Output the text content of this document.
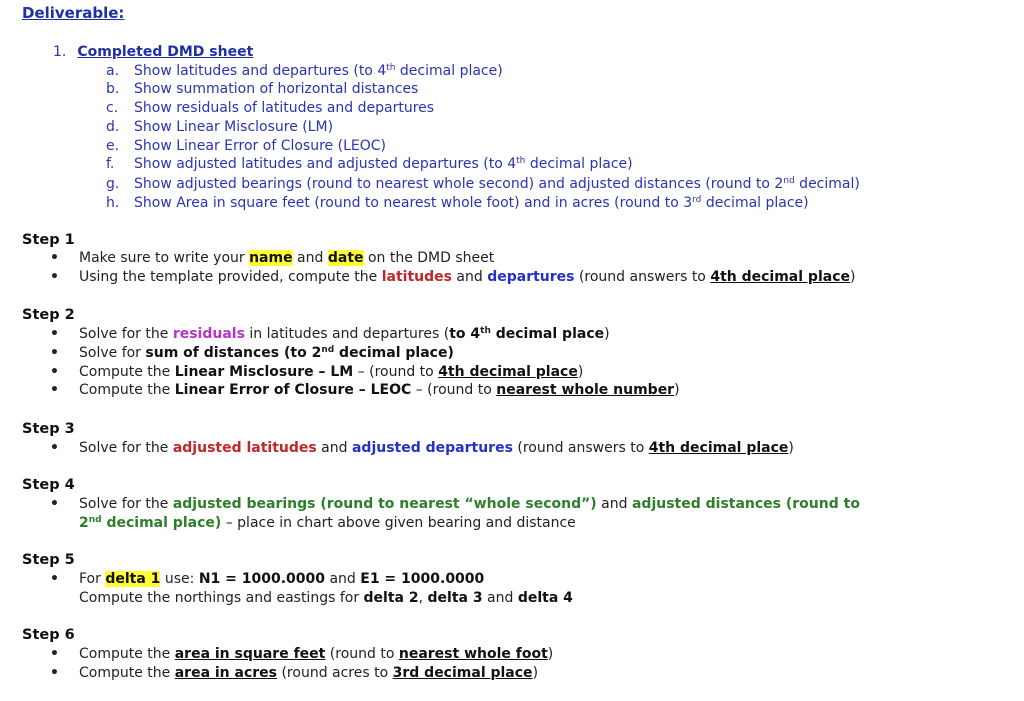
Deliverable:
1. Completed DMD sheet
a. Show latitudes and departures (to 4th decimal place)
b. Show summation of horizontal distances
c. Show residuals of latitudes and departures
d. Show Linear Misclosure (LM)
e. Show Linear Error of Closure (LEOC)
f. Show adjusted latitudes and adjusted departures (to 4th decimal place)
g. Show adjusted bearings (round to nearest whole second) and adjusted distances (round to 2nd decimal)
h. Show Area in square feet (round to nearest whole foot) and in acres (round to 3rd decimal place)
Step 1
• Make sure to write your name and date on the DMD sheet
• Using the template provided, compute the latitudes and departures (round answers to 4th decimal place)
Step 2
• Solve for the residuals in latitudes and departures (to 4th decimal place)
• Solve for sum of distances (to 2nd decimal place)
• Compute the Linear Misclosure – LM – (round to 4th decimal place)
• Compute the Linear Error of Closure – LEOC – (round to nearest whole number)
Step 3
• Solve for the adjusted latitudes and adjusted departures (round answers to 4th decimal place)
Step 4
• Solve for the adjusted bearings (round to nearest “whole second”) and adjusted distances (round to
2nd decimal place) – place in chart above given bearing and distance
Step 5
• For delta 1 use: N1 = 1000.0000 and E1 = 1000.0000
Compute the northings and eastings for delta 2, delta 3 and delta 4
Step 6
• Compute the area in square feet (round to nearest whole foot)
• Compute the area in acres (round acres to 3rd decimal place)
